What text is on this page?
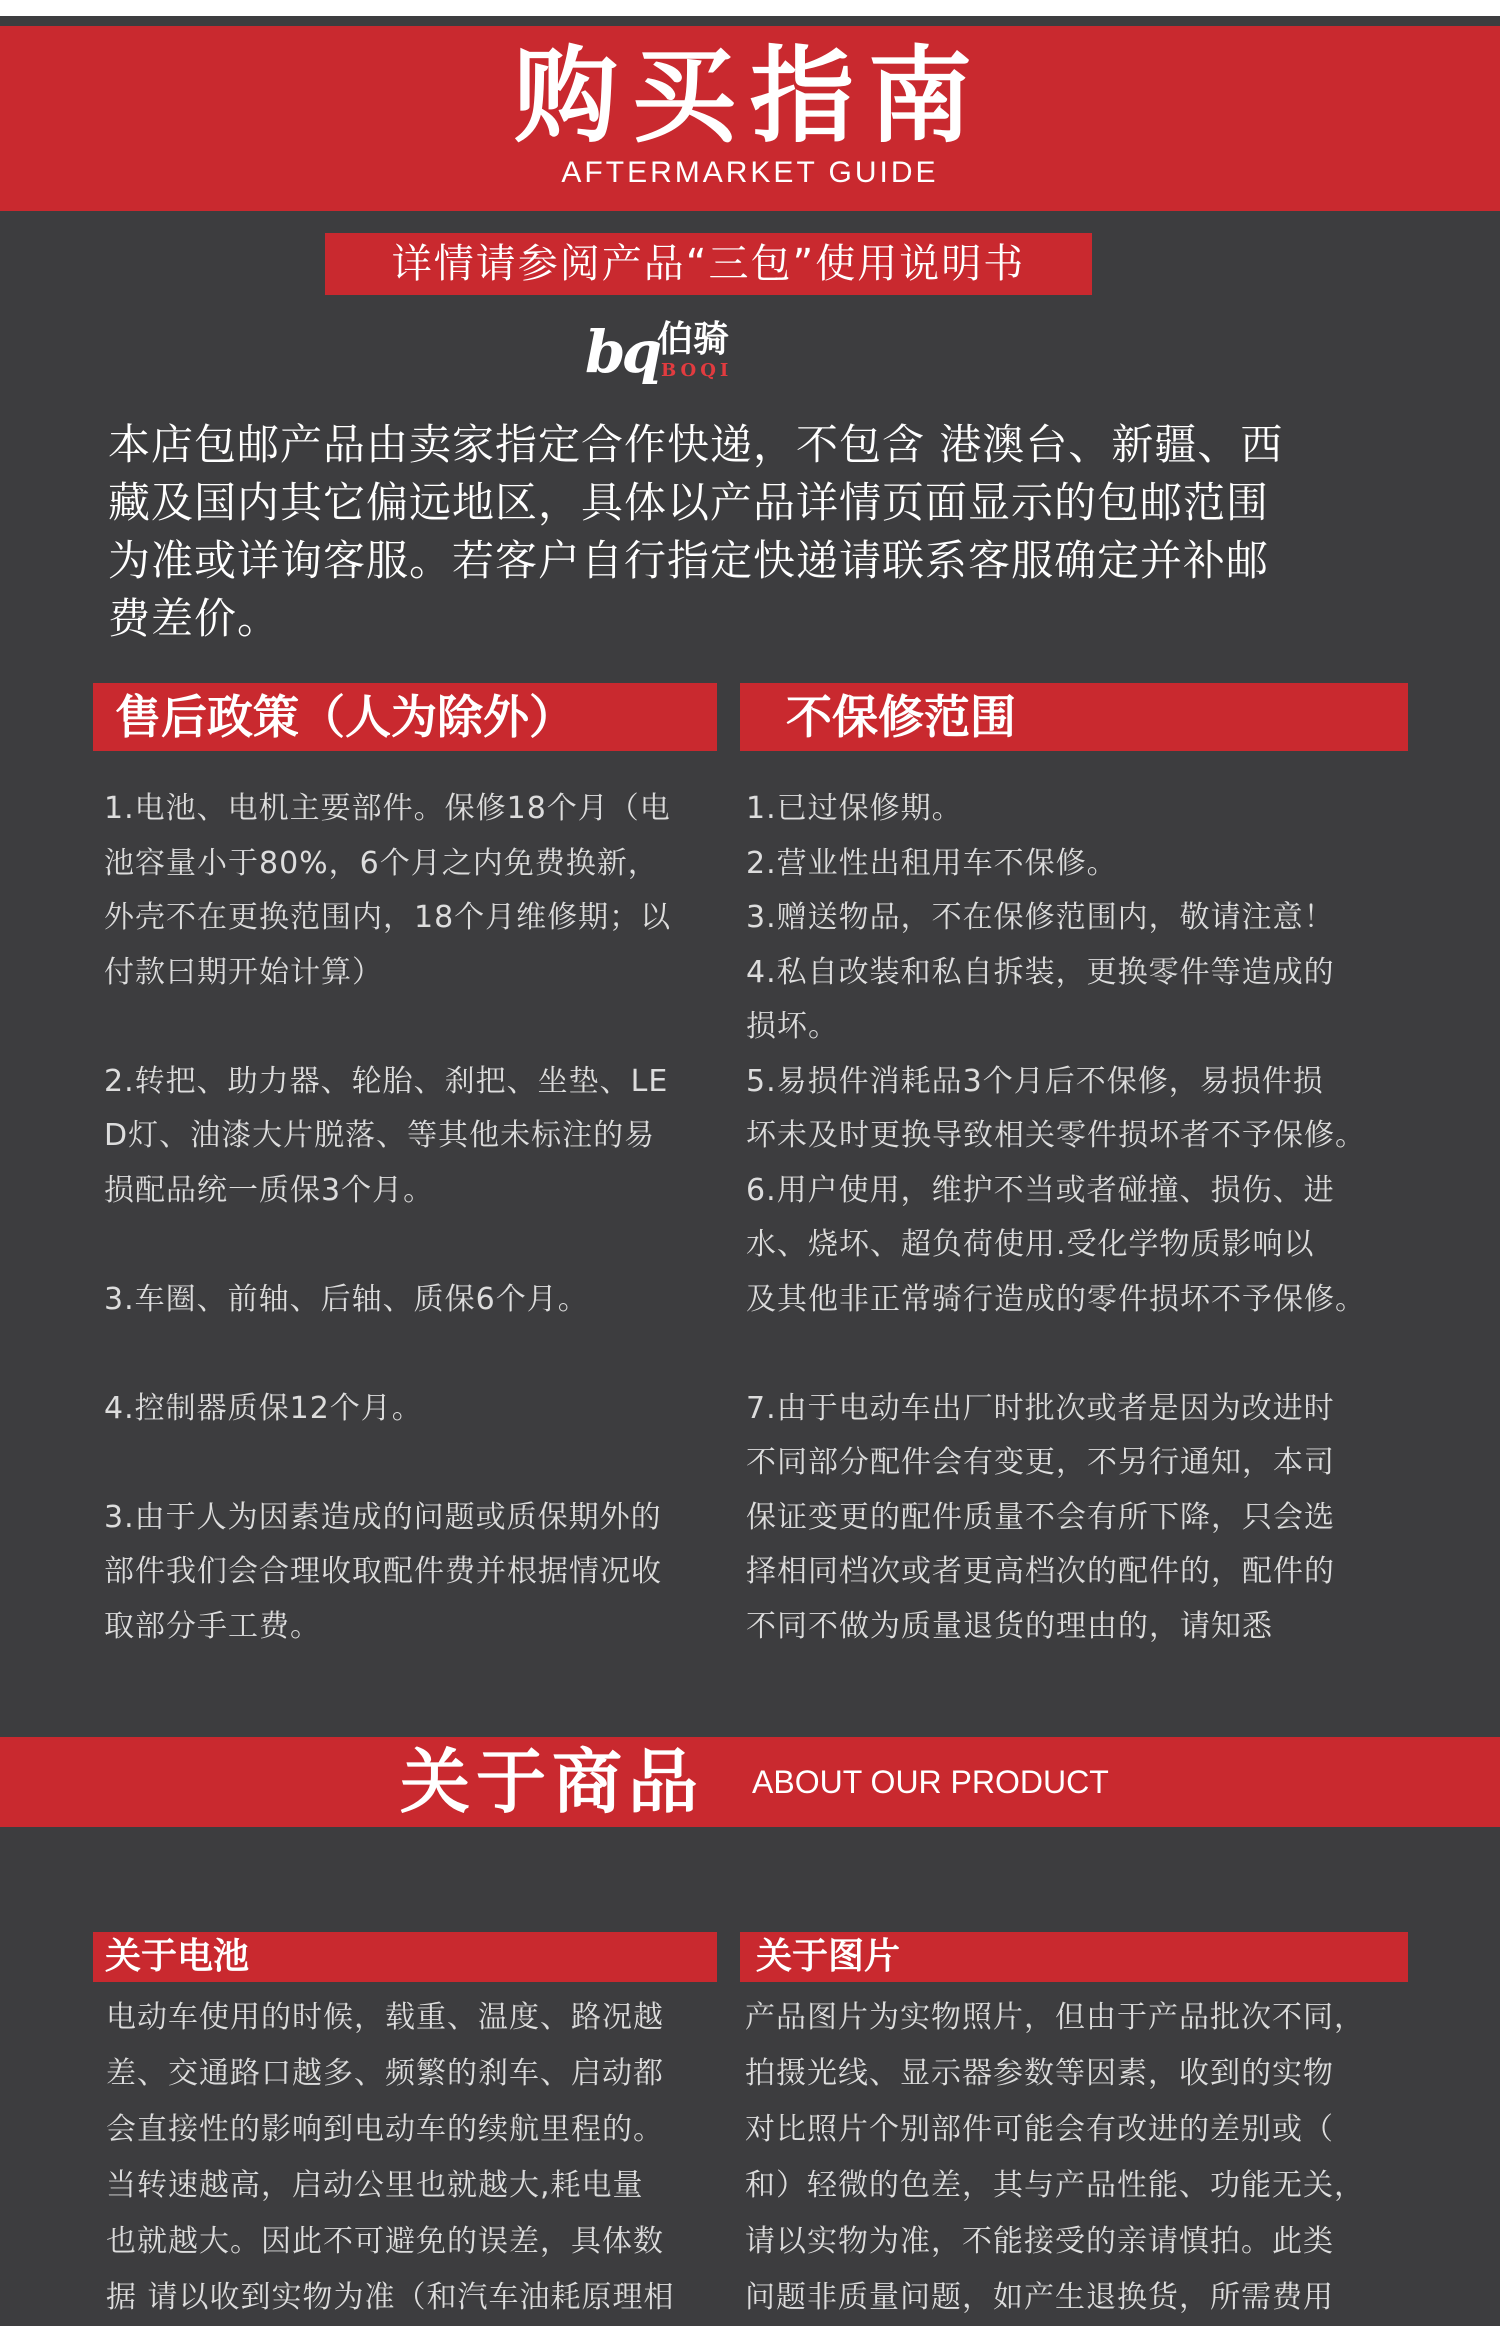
购买指南
AFTERMARKET GUIDE
详情请参阅产品“三包”使用说明书
bq
伯骑
BOQI
本店包邮产品由卖家指定合作快递，不包含 港澳台、新疆、西
藏及国内其它偏远地区，具体以产品详情页面显示的包邮范围
为准或详询客服。若客户自行指定快递请联系客服确定并补邮
费差价。
售后政策（人为除外）	不保修范围

1.电池、电机主要部件。保修18个月（电

池容量小于80%，6个月之内免费换新，

外壳不在更换范围内，18个月维修期；以

付款曰期开始计算）

2.转把、助力器、轮胎、刹把、坐垫、LE

D灯、油漆大片脱落、等其他未标注的易

损配品统一质保3个月。

3.车圈、前轴、后轴、质保6个月。

4.控制器质保12个月。

3.由于人为因素造成的问题或质保期外的

部件我们会合理收取配件费并根据情况收

取部分手工费。

1.已过保修期。

2.营业性出租用车不保修。

3.赠送物品，不在保修范围内，敬请注意！

4.私自改装和私自拆装，更换零件等造成的

损坏。

5.易损件消耗品3个月后不保修，易损件损

坏未及时更换导致相关零件损坏者不予保修。

6.用户使用，维护不当或者碰撞、损伤、进

水、烧坏、超负荷使用.受化学物质影响以

及其他非正常骑行造成的零件损坏不予保修。

7.由于电动车出厂时批次或者是因为改进时

不同部分配件会有变更，不另行通知，本司

保证变更的配件质量不会有所下降，只会选

择相同档次或者更高档次的配件的，配件的

不同不做为质量退货的理由的，请知悉

关于商品 ABOUT OUR PRODUCT
关于电池	关于图片

电动车使用的时候，载重、温度、路况越

差、交通路口越多、频繁的刹车、启动都

会直接性的影响到电动车的续航里程的。

当转速越高，启动公里也就越大,耗电量

也就越大。因此不可避免的误差，具体数

据 请以收到实物为准（和汽车油耗原理相

产品图片为实物照片，但由于产品批次不同，

拍摄光线、显示器参数等因素，收到的实物

对比照片个别部件可能会有改进的差别或（

和）轻微的色差，其与产品性能、功能无关，

请以实物为准，不能接受的亲请慎拍。此类

问题非质量问题，如产生退换货，所需费用
